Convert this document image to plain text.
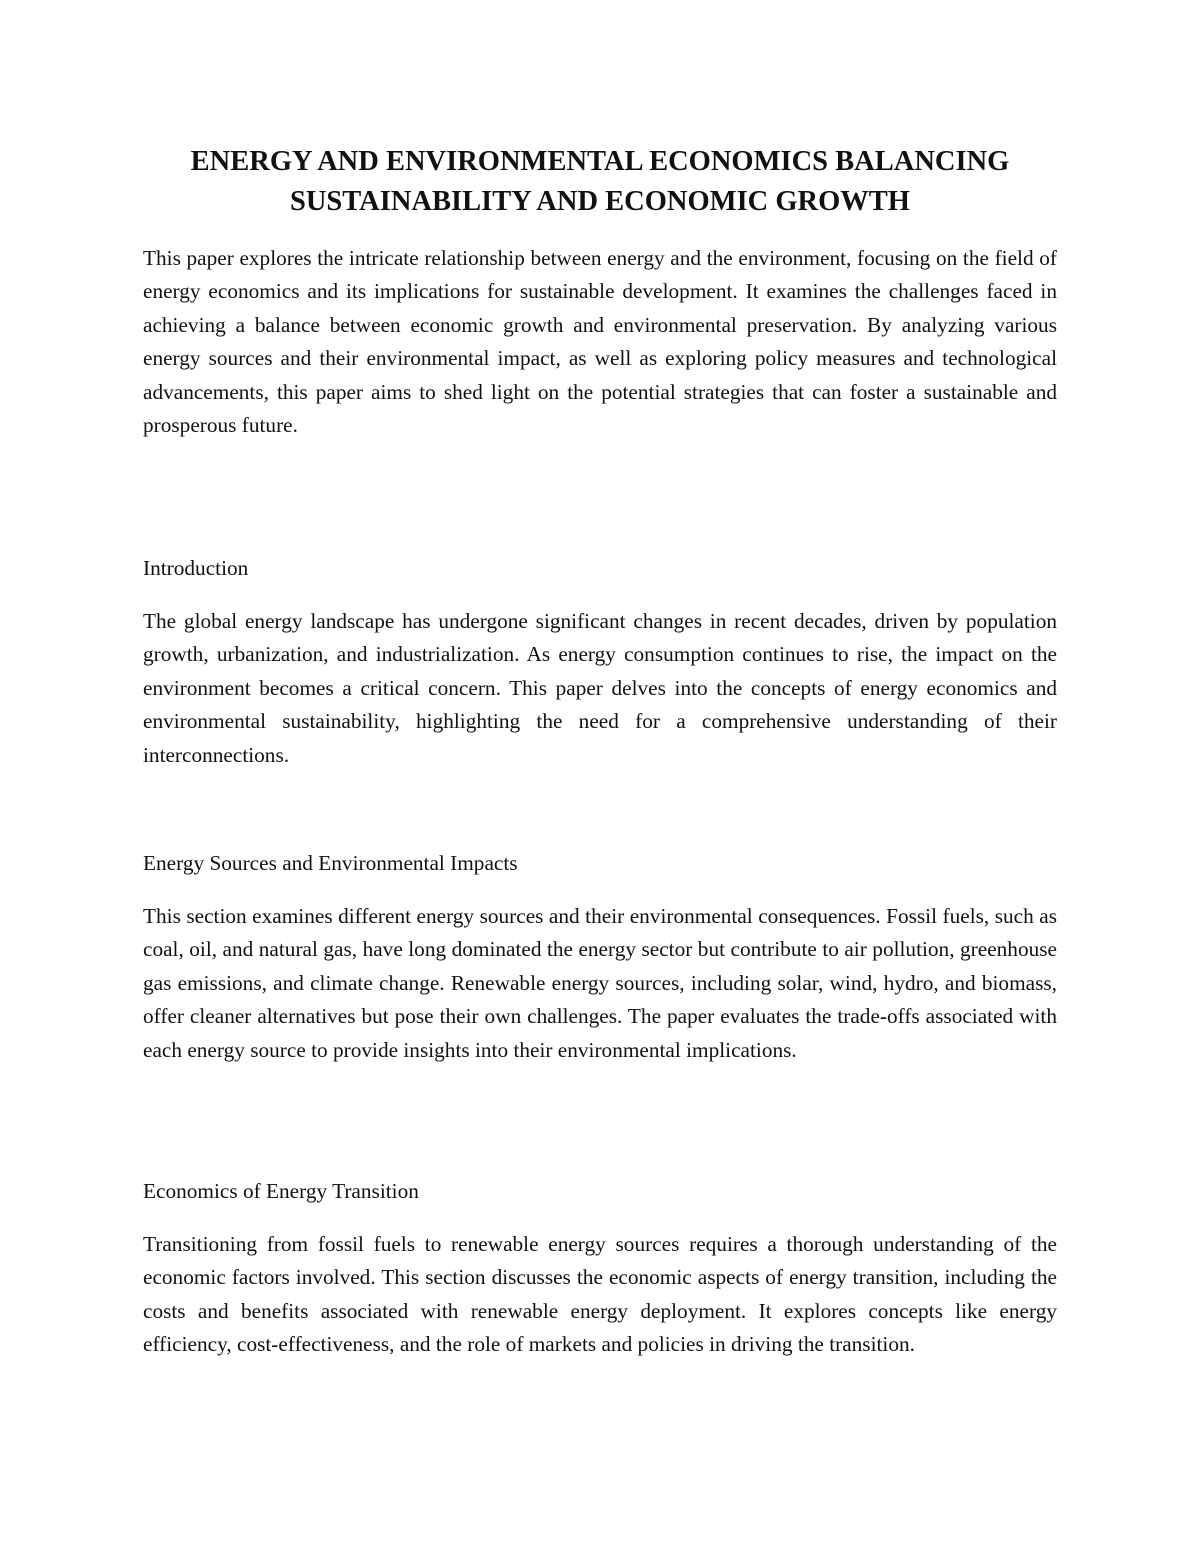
ENERGY AND ENVIRONMENTAL ECONOMICS BALANCING SUSTAINABILITY AND ECONOMIC GROWTH

This paper explores the intricate relationship between energy and the environment, focusing on the field of energy economics and its implications for sustainable development. It examines the challenges faced in achieving a balance between economic growth and environmental preservation. By analyzing various energy sources and their environmental impact, as well as exploring policy measures and technological advancements, this paper aims to shed light on the potential strategies that can foster a sustainable and prosperous future.

Introduction

The global energy landscape has undergone significant changes in recent decades, driven by population growth, urbanization, and industrialization. As energy consumption continues to rise, the impact on the environment becomes a critical concern. This paper delves into the concepts of energy economics and environmental sustainability, highlighting the need for a comprehensive understanding of their interconnections.

Energy Sources and Environmental Impacts

This section examines different energy sources and their environmental consequences. Fossil fuels, such as coal, oil, and natural gas, have long dominated the energy sector but contribute to air pollution, greenhouse gas emissions, and climate change. Renewable energy sources, including solar, wind, hydro, and biomass, offer cleaner alternatives but pose their own challenges. The paper evaluates the trade-offs associated with each energy source to provide insights into their environmental implications.

Economics of Energy Transition

Transitioning from fossil fuels to renewable energy sources requires a thorough understanding of the economic factors involved. This section discusses the economic aspects of energy transition, including the costs and benefits associated with renewable energy deployment. It explores concepts like energy efficiency, cost-effectiveness, and the role of markets and policies in driving the transition.
